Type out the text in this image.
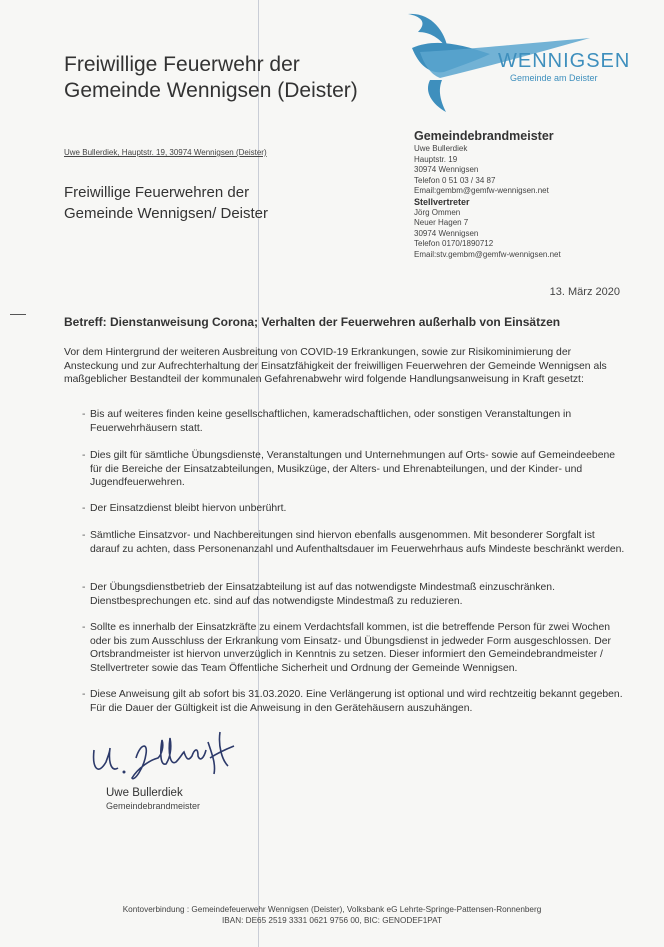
Freiwillige Feuerwehr der
Gemeinde Wennigsen (Deister)
WENNIGSEN
Gemeinde am Deister
Uwe Bullerdiek, Hauptstr. 19, 30974 Wennigsen (Deister)
Freiwillige Feuerwehren der
Gemeinde Wennigsen/ Deister
Gemeindebrandmeister
Uwe Bullerdiek
Hauptstr. 19
30974 Wennigsen
Telefon 0 51 03 / 34 87
Email:gembm@gemfw-wennigsen.net
Stellvertreter
Jörg Ommen
Neuer Hagen 7
30974 Wennigsen
Telefon 0170/1890712
Email:stv.gembm@gemfw-wennigsen.net
13. März 2020
Betreff: Dienstanweisung Corona; Verhalten der Feuerwehren außerhalb von Einsätzen
Vor dem Hintergrund der weiteren Ausbreitung von COVID-19 Erkrankungen, sowie zur Risikominimierung der Ansteckung und zur Aufrechterhaltung der Einsatzfähigkeit der freiwilligen Feuerwehren der Gemeinde Wennigsen als maßgeblicher Bestandteil der kommunalen Gefahrenabwehr wird folgende Handlungsanweisung in Kraft gesetzt:
- Bis auf weiteres finden keine gesellschaftlichen, kameradschaftlichen, oder sonstigen Veranstaltungen in Feuerwehrhäusern statt.
- Dies gilt für sämtliche Übungsdienste, Veranstaltungen und Unternehmungen auf Orts- sowie auf Gemeindeebene für die Bereiche der Einsatzabteilungen, Musikzüge, der Alters- und Ehrenabteilungen, und der Kinder- und Jugendfeuerwehren.
- Der Einsatzdienst bleibt hiervon unberührt.
- Sämtliche Einsatzvor- und Nachbereitungen sind hiervon ebenfalls ausgenommen. Mit besonderer Sorgfalt ist darauf zu achten, dass Personenanzahl und Aufenthaltsdauer im Feuerwehrhaus aufs Mindeste beschränkt werden.
- Der Übungsdienstbetrieb der Einsatzabteilung ist auf das notwendigste Mindestmaß einzuschränken. Dienstbesprechungen etc. sind auf das notwendigste Mindestmaß zu reduzieren.
- Sollte es innerhalb der Einsatzkräfte zu einem Verdachtsfall kommen, ist die betreffende Person für zwei Wochen oder bis zum Ausschluss der Erkrankung vom Einsatz- und Übungsdienst in jedweder Form ausgeschlossen. Der Ortsbrandmeister ist hiervon unverzüglich in Kenntnis zu setzen. Dieser informiert den Gemeindebrandmeister / Stellvertreter sowie das Team Öffentliche Sicherheit und Ordnung der Gemeinde Wennigsen.
- Diese Anweisung gilt ab sofort bis 31.03.2020. Eine Verlängerung ist optional und wird rechtzeitig bekannt gegeben. Für die Dauer der Gültigkeit ist die Anweisung in den Gerätehäusern auszuhängen.
Uwe Bullerdiek
Gemeindebrandmeister
Kontoverbindung : Gemeindefeuerwehr Wennigsen (Deister), Volksbank eG Lehrte-Springe-Pattensen-Ronnenberg
IBAN: DE65 2519 3331 0621 9756 00, BIC: GENODEF1PAT
